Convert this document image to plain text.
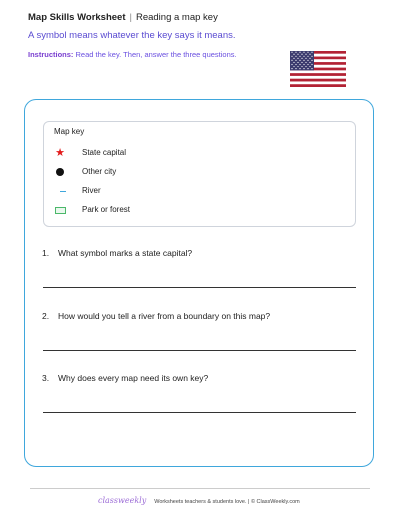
Map Skills Worksheet | Reading a map key
A symbol means whatever the key says it means.
Instructions: Read the key. Then, answer the three questions.
Map key
★ State capital
Other city
River
Park or forest
1. What symbol marks a state capital?
2. How would you tell a river from a boundary on this map?
3. Why does every map need its own key?
classweekly Worksheets teachers & students love. | © ClassWeekly.com
